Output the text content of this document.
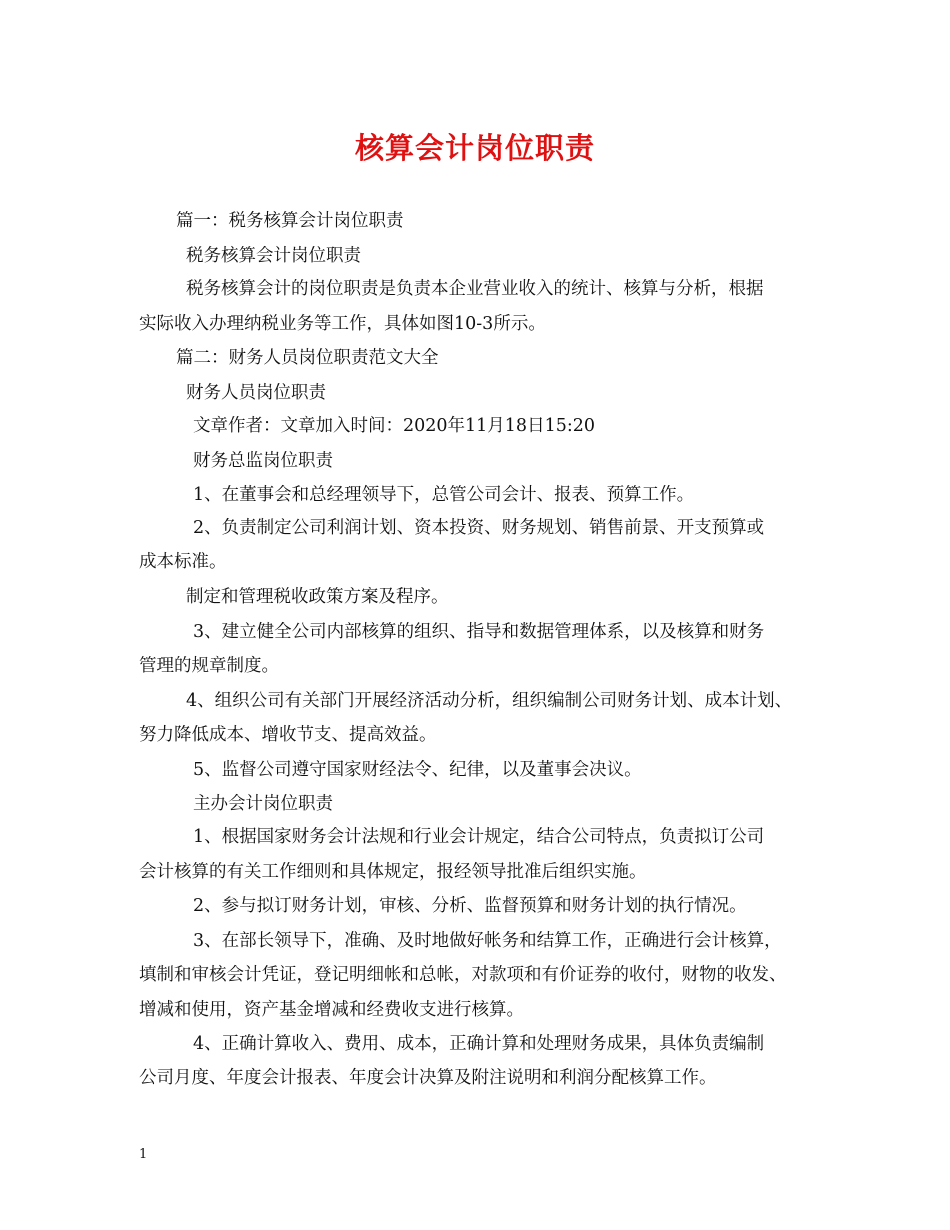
核算会计岗位职责
篇一：税务核算会计岗位职责
税务核算会计岗位职责
税务核算会计的岗位职责是负责本企业营业收入的统计、核算与分析，根据
实际收入办理纳税业务等工作，具体如图10-3所示。
篇二：财务人员岗位职责范文大全
财务人员岗位职责
文章作者：文章加入时间：2020年11月18日15:20
财务总监岗位职责
1、在董事会和总经理领导下，总管公司会计、报表、预算工作。
2、负责制定公司利润计划、资本投资、财务规划、销售前景、开支预算或
成本标准。
制定和管理税收政策方案及程序。
3、建立健全公司内部核算的组织、指导和数据管理体系，以及核算和财务
管理的规章制度。
4、组织公司有关部门开展经济活动分析，组织编制公司财务计划、成本计划、
努力降低成本、增收节支、提高效益。
5、监督公司遵守国家财经法令、纪律，以及董事会决议。
主办会计岗位职责
1、根据国家财务会计法规和行业会计规定，结合公司特点，负责拟订公司
会计核算的有关工作细则和具体规定，报经领导批准后组织实施。
2、参与拟订财务计划，审核、分析、监督预算和财务计划的执行情况。
3、在部长领导下，准确、及时地做好帐务和结算工作，正确进行会计核算，
填制和审核会计凭证，登记明细帐和总帐，对款项和有价证券的收付，财物的收发、
增减和使用，资产基金增减和经费收支进行核算。
4、正确计算收入、费用、成本，正确计算和处理财务成果，具体负责编制
公司月度、年度会计报表、年度会计决算及附注说明和利润分配核算工作。
1
